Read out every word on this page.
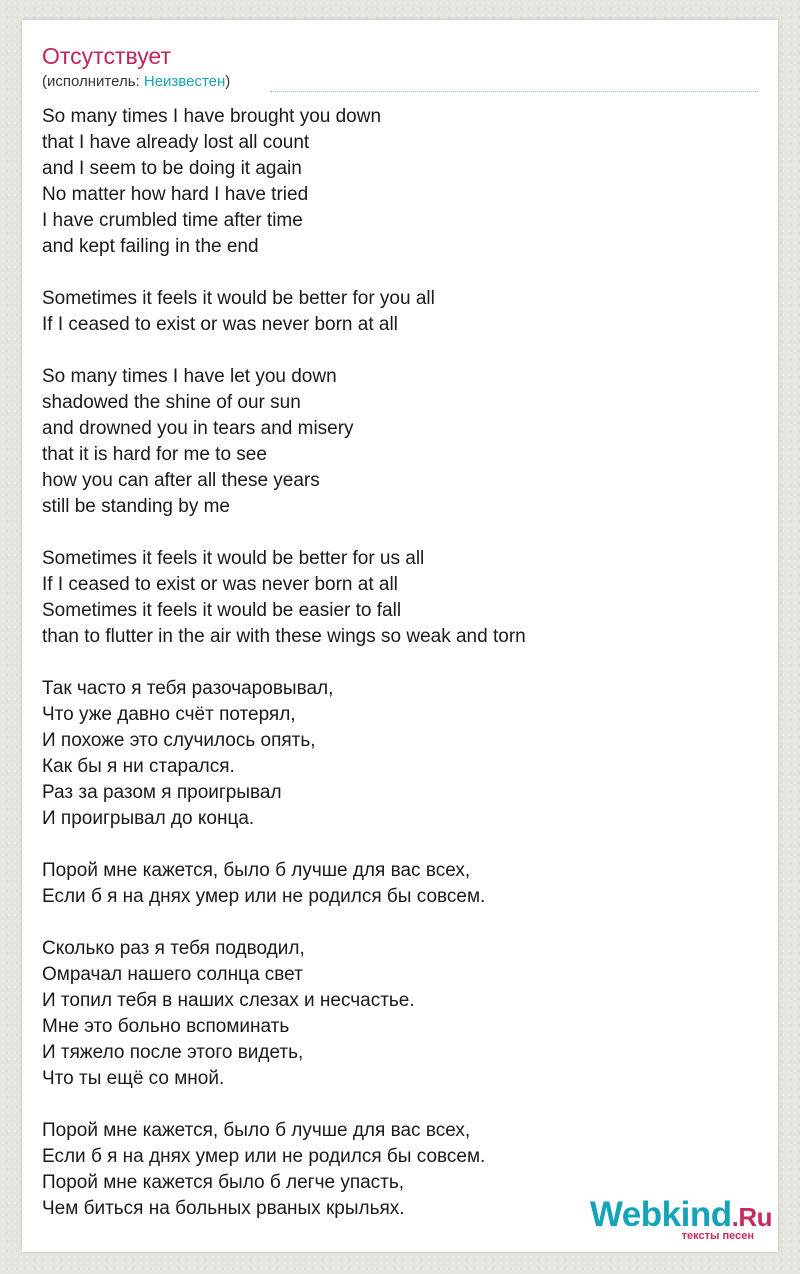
Отсутствует
(исполнитель: Неизвестен)
So many times I have brought you down
that I have already lost all count
and I seem to be doing it again
No matter how hard I have tried
I have crumbled time after time
and kept failing in the end
Sometimes it feels it would be better for you all
If I ceased to exist or was never born at all
So many times I have let you down
shadowed the shine of our sun
and drowned you in tears and misery
that it is hard for me to see
how you can after all these years
still be standing by me
Sometimes it feels it would be better for us all
If I ceased to exist or was never born at all
Sometimes it feels it would be easier to fall
than to flutter in the air with these wings so weak and torn
Так часто я тебя разочаровывал,
Что уже давно счёт потерял,
И похоже это случилось опять,
Как бы я ни старался.
Раз за разом я проигрывал
И проигрывал до конца.
Порой мне кажется, было б лучше для вас всех,
Если б я на днях умер или не родился бы совсем.
Сколько раз я тебя подводил,
Омрачал нашего солнца свет
И топил тебя в наших слезах и несчастье.
Мне это больно вспоминать
И тяжело после этого видеть,
Что ты ещё со мной.
Порой мне кажется, было б лучше для вас всех,
Если б я на днях умер или не родился бы совсем.
Порой мне кажется было б легче упасть,
Чем биться на больных рваных крыльях.	Webkind.Ru
тексты песен
